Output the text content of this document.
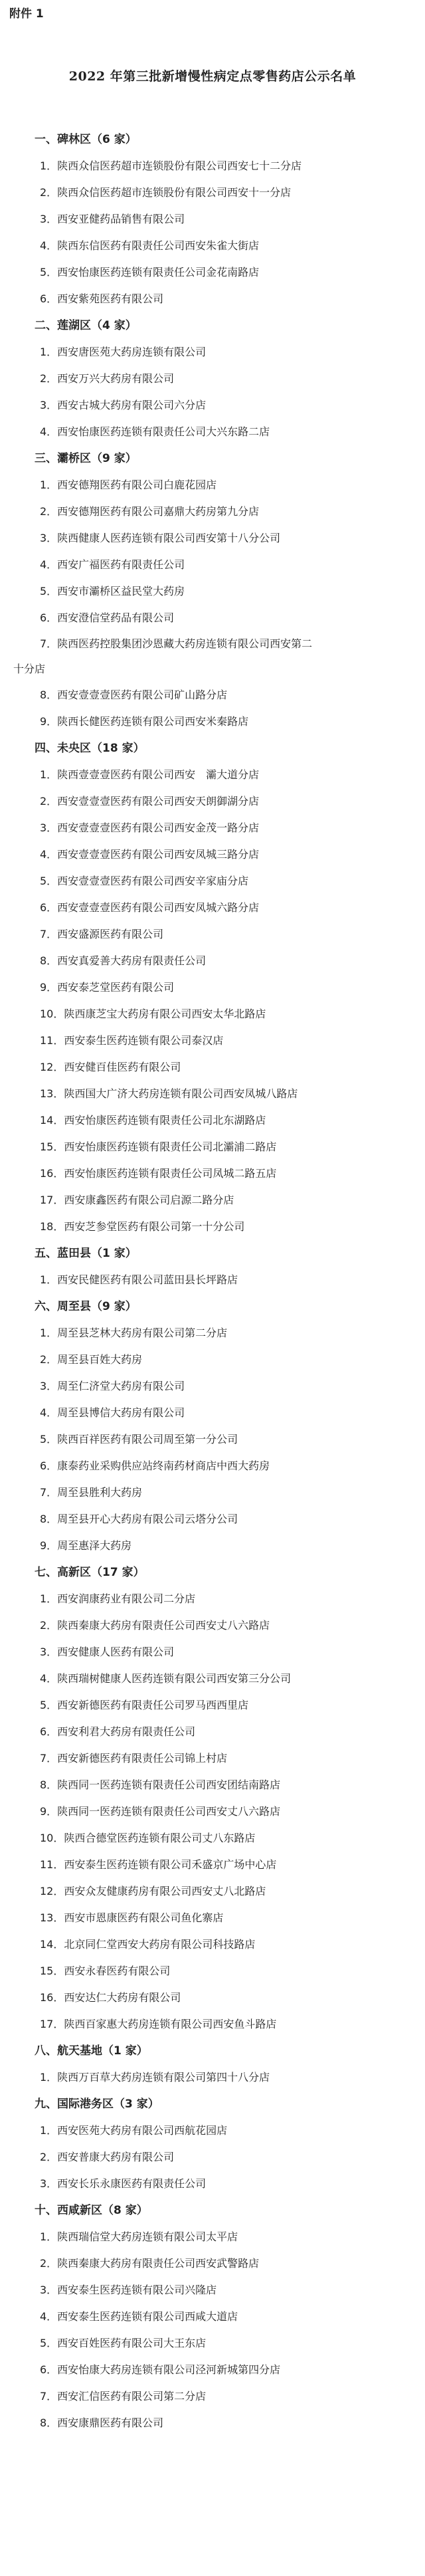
附件 1
2022 年第三批新增慢性病定点零售药店公示名单
一、碑林区（6 家）
1．陕西众信医药超市连锁股份有限公司西安七十二分店
2．陕西众信医药超市连锁股份有限公司西安十一分店
3．西安亚健药品销售有限公司
4．陕西东信医药有限责任公司西安朱雀大街店
5．西安怡康医药连锁有限责任公司金花南路店
6．西安紫苑医药有限公司
二、莲湖区（4 家）
1．西安唐医苑大药房连锁有限公司
2．西安万兴大药房有限公司
3．西安古城大药房有限公司六分店
4．西安怡康医药连锁有限责任公司大兴东路二店
三、灞桥区（9 家）
1．西安德翔医药有限公司白鹿花园店
2．西安德翔医药有限公司嘉鼎大药房第九分店
3．陕西健康人医药连锁有限公司西安第十八分公司
4．西安广福医药有限责任公司
5．西安市灞桥区益民堂大药房
6．西安澄信堂药品有限公司
7．陕西医药控股集团沙恩藏大药房连锁有限公司西安第二
十分店
8．西安壹壹壹医药有限公司矿山路分店
9．陕西长健医药连锁有限公司西安米秦路店
四、未央区（18 家）
1．陕西壹壹壹医药有限公司西安　灞大道分店
2．西安壹壹壹医药有限公司西安天朗御湖分店
3．西安壹壹壹医药有限公司西安金茂一路分店
4．西安壹壹壹医药有限公司西安凤城三路分店
5．西安壹壹壹医药有限公司西安辛家庙分店
6．西安壹壹壹医药有限公司西安凤城六路分店
7．西安盛源医药有限公司
8．西安真爱善大药房有限责任公司
9．西安泰芝堂医药有限公司
10．陕西康芝宝大药房有限公司西安太华北路店
11．西安泰生医药连锁有限公司泰汉店
12．西安健百佳医药有限公司
13．陕西国大广济大药房连锁有限公司西安凤城八路店
14．西安怡康医药连锁有限责任公司北东湖路店
15．西安怡康医药连锁有限责任公司北灞浦二路店
16．西安怡康医药连锁有限责任公司凤城二路五店
17．西安康鑫医药有限公司启源二路分店
18．西安芝参堂医药有限公司第一十分公司
五、蓝田县（1 家）
1．西安民健医药有限公司蓝田县长坪路店
六、周至县（9 家）
1．周至县芝林大药房有限公司第二分店
2．周至县百姓大药房
3．周至仁济堂大药房有限公司
4．周至县博信大药房有限公司
5．陕西百祥医药有限公司周至第一分公司
6．康泰药业采购供应站终南药材商店中西大药房
7．周至县胜利大药房
8．周至县开心大药房有限公司云塔分公司
9．周至惠泽大药房
七、高新区（17 家）
1．西安润康药业有限公司二分店
2．陕西秦康大药房有限责任公司西安丈八六路店
3．西安健康人医药有限公司
4．陕西瑞树健康人医药连锁有限公司西安第三分公司
5．西安新德医药有限责任公司罗马西西里店
6．西安利君大药房有限责任公司
7．西安新德医药有限责任公司锦上村店
8．陕西同一医药连锁有限责任公司西安团结南路店
9．陕西同一医药连锁有限责任公司西安丈八六路店
10．陕西合德堂医药连锁有限公司丈八东路店
11．西安泰生医药连锁有限公司禾盛京广场中心店
12．西安众友健康药房有限公司西安丈八北路店
13．西安市恩康医药有限公司鱼化寨店
14．北京同仁堂西安大药房有限公司科技路店
15．西安永春医药有限公司
16．西安达仁大药房有限公司
17．陕西百家惠大药房连锁有限公司西安鱼斗路店
八、航天基地（1 家）
1．陕西万百草大药房连锁有限公司第四十八分店
九、国际港务区（3 家）
1．西安医苑大药房有限公司西航花园店
2．西安普康大药房有限公司
3．西安长乐永康医药有限责任公司
十、西咸新区（8 家）
1．陕西瑞信堂大药房连锁有限公司太平店
2．陕西秦康大药房有限责任公司西安武警路店
3．西安泰生医药连锁有限公司兴隆店
4．西安泰生医药连锁有限公司西咸大道店
5．西安百姓医药有限公司大王东店
6．西安怡康大药房连锁有限公司泾河新城第四分店
7．西安汇信医药有限公司第二分店
8．西安康鼎医药有限公司
